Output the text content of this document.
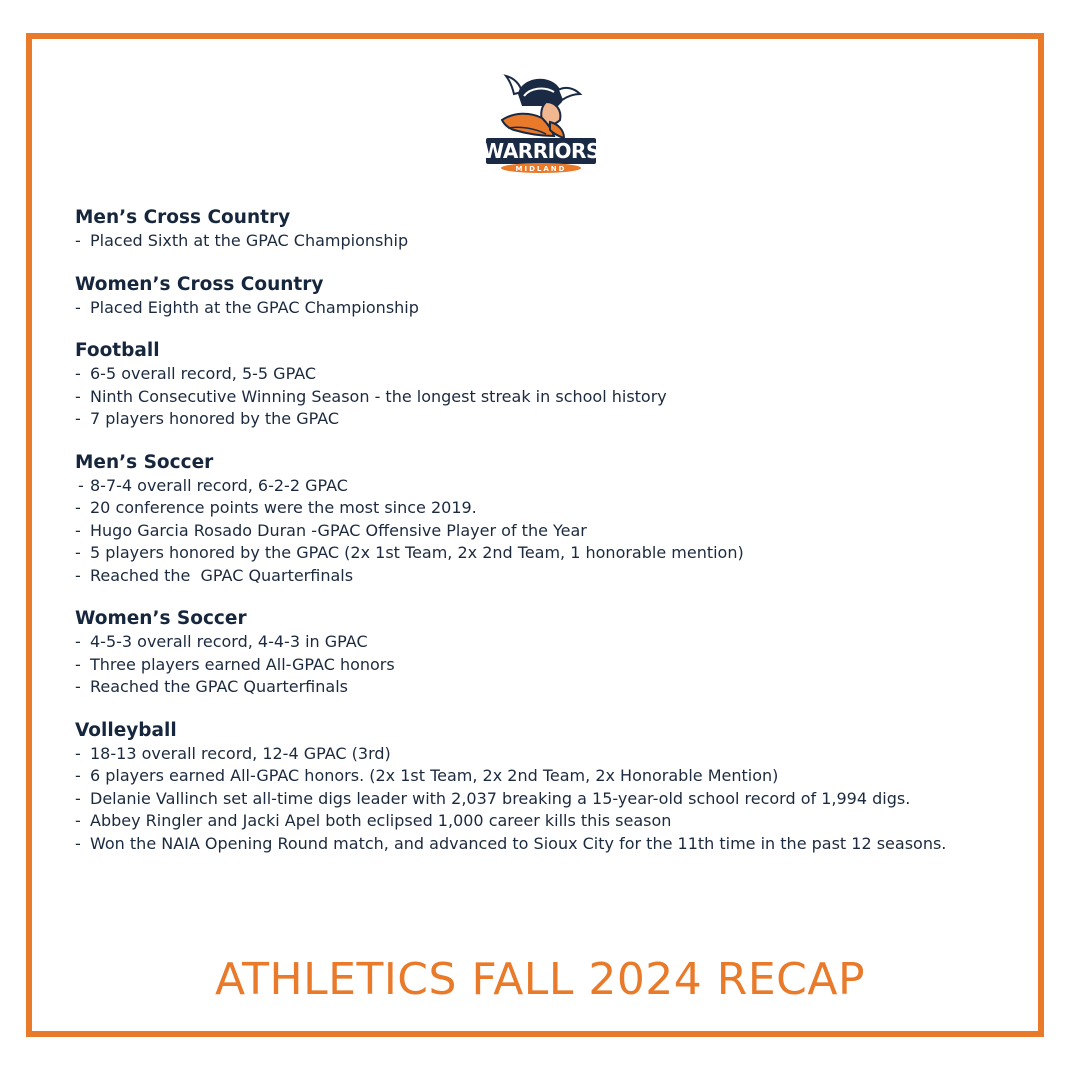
WARRIORS
MIDLAND
Men’s Cross Country
- Placed Sixth at the GPAC Championship
Women’s Cross Country
- Placed Eighth at the GPAC Championship
Football
- 6-5 overall record, 5-5 GPAC
- Ninth Consecutive Winning Season - the longest streak in school history
- 7 players honored by the GPAC
Men’s Soccer
- 8-7-4 overall record, 6-2-2 GPAC
- 20 conference points were the most since 2019.
- Hugo Garcia Rosado Duran -GPAC Offensive Player of the Year
- 5 players honored by the GPAC (2x 1st Team, 2x 2nd Team, 1 honorable mention)
- Reached the  GPAC Quarterfinals
Women’s Soccer
- 4-5-3 overall record, 4-4-3 in GPAC
- Three players earned All-GPAC honors
- Reached the GPAC Quarterfinals
Volleyball
- 18-13 overall record, 12-4 GPAC (3rd)
- 6 players earned All-GPAC honors. (2x 1st Team, 2x 2nd Team, 2x Honorable Mention)
- Delanie Vallinch set all-time digs leader with 2,037 breaking a 15-year-old school record of 1,994 digs.
- Abbey Ringler and Jacki Apel both eclipsed 1,000 career kills this season
- Won the NAIA Opening Round match, and advanced to Sioux City for the 11th time in the past 12 seasons.
ATHLETICS FALL 2024 RECAP
